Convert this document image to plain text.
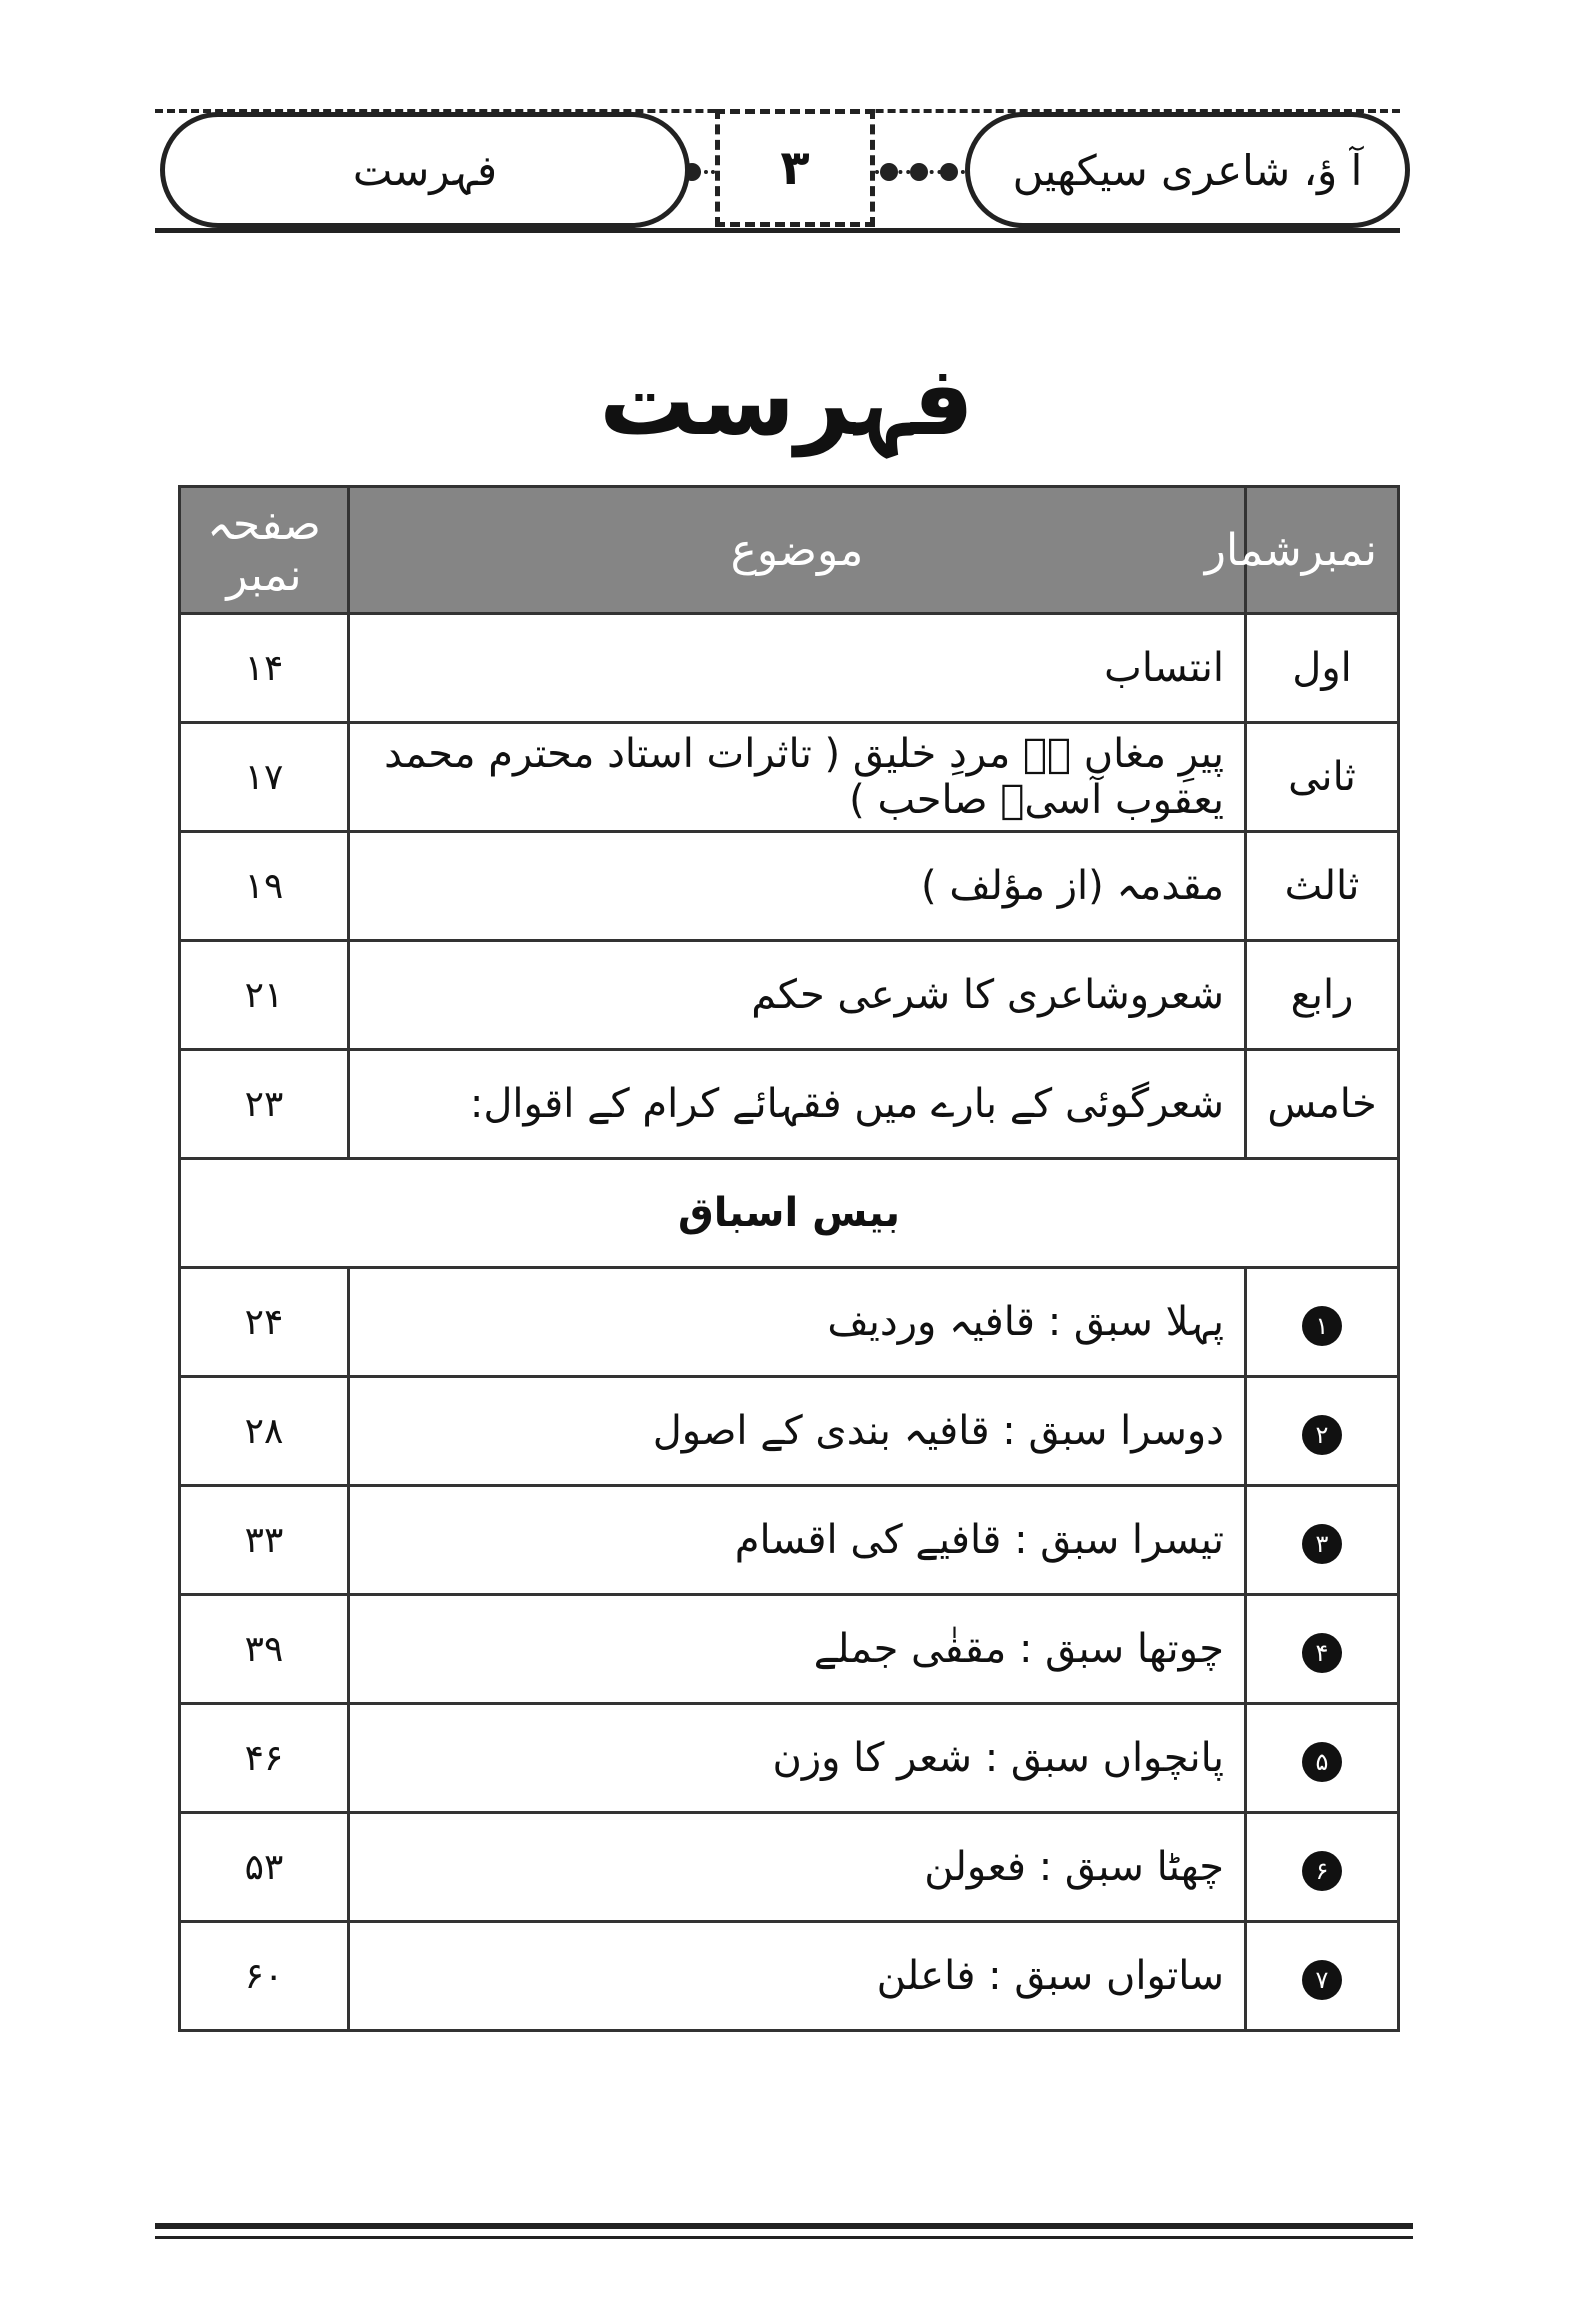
آ ؤ، شاعری سیکھیں
۳
فہرست
فہرست
نمبرشمار	موضوع	صفحہ نمبر
اول	انتساب	۱۴
ثانی	پیرِ مغاں ہے مردِ خلیق ( تاثرات استاد محترم محمد یعقوب آسیؔ صاحب )	۱۷
ثالث	مقدمہ (از مؤلف )	۱۹
رابع	شعروشاعری کا شرعی حکم	۲۱
خامس	شعرگوئی کے بارے میں فقہائے کرام کے اقوال:	۲۳
بیس اسباق		
۱	پہلا سبق : قافیہ وردیف	۲۴
۲	دوسرا سبق : قافیہ بندی کے اصول	۲۸
۳	تیسرا سبق : قافیے کی اقسام	۳۳
۴	چوتھا سبق : مقفٰی جملے	۳۹
۵	پانچواں سبق : شعر کا وزن	۴۶
۶	چھٹا سبق : فعولن	۵۳
۷	ساتواں سبق : فاعلن	۶۰
